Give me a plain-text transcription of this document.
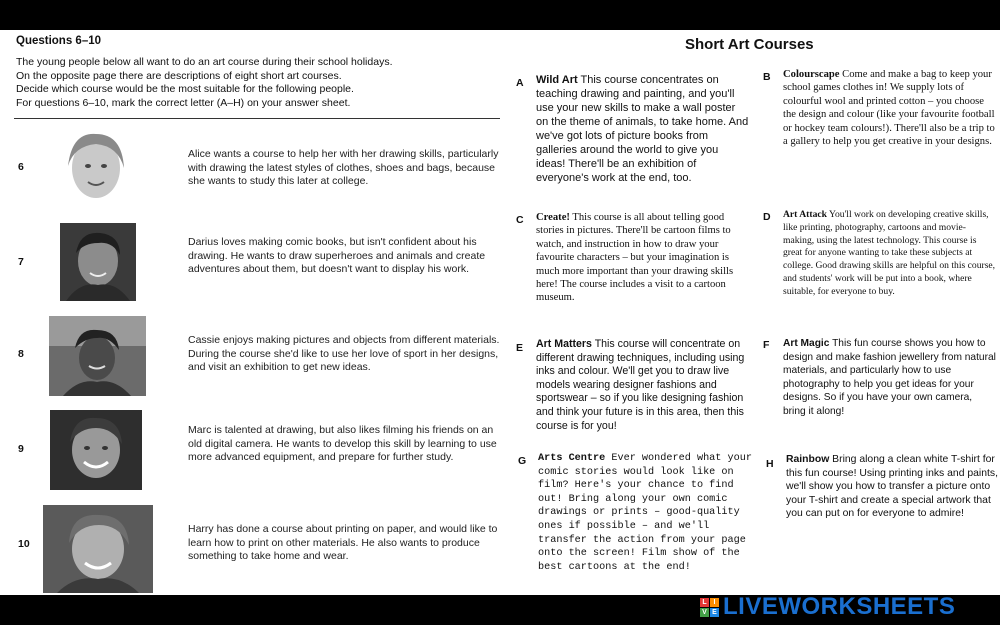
Questions 6–10
The young people below all want to do an art course during their school holidays.
On the opposite page there are descriptions of eight short art courses.
Decide which course would be the most suitable for the following people.
For questions 6–10, mark the correct letter (A–H) on your answer sheet.
6
Alice wants a course to help her with her drawing skills, particularly with drawing the latest styles of clothes, shoes and bags, because she wants to study this later at college.
7
Darius loves making comic books, but isn't confident about his drawing. He wants to draw superheroes and animals and create adventures about them, but doesn't want to display his work.
8
Cassie enjoys making pictures and objects from different materials. During the course she'd like to use her love of sport in her designs, and visit an exhibition to get new ideas.
9
Marc is talented at drawing, but also likes filming his friends on an old digital camera. He wants to develop this skill by learning to use more advanced equipment, and prepare for further study.
10
Harry has done a course about printing on paper, and would like to learn how to print on other materials. He also wants to produce something to take home and wear.
Short Art Courses
A Wild Art This course concentrates on teaching drawing and painting, and you'll use your new skills to make a wall poster on the theme of animals, to take home. And we've got lots of picture books from galleries around the world to give you ideas! There'll be an exhibition of everyone's work at the end, too.
B Colourscape Come and make a bag to keep your school games clothes in! We supply lots of colourful wool and printed cotton – you choose the design and colour (like your favourite football or hockey team colours!). There'll also be a trip to a gallery to help you get creative in your designs.
C Create! This course is all about telling good stories in pictures. There'll be cartoon films to watch, and instruction in how to draw your favourite characters – but your imagination is much more important than your drawing skills here! The course includes a visit to a cartoon museum.
D Art Attack You'll work on developing creative skills, like printing, photography, cartoons and movie-making, using the latest technology. This course is great for anyone wanting to take these subjects at college. Good drawing skills are helpful on this course, and students' work will be put into a book, where suitable, for everyone to buy.
E Art Matters This course will concentrate on different drawing techniques, including using inks and colour. We'll get you to draw live models wearing designer fashions and sportswear – so if you like designing fashion and think your future is in this area, then this course is for you!
F Art Magic This fun course shows you how to design and make fashion jewellery from natural materials, and particularly how to use photography to help you get ideas for your designs. So if you have your own camera, bring it along!
G Arts Centre Ever wondered what your comic stories would look like on film? Here's your chance to find out! Bring along your own comic drawings or prints – good-quality ones if possible – and we'll transfer the action from your page onto the screen! Film show of the best cartoons at the end!
H Rainbow Bring along a clean white T-shirt for this fun course! Using printing inks and paints, we'll show you how to transfer a picture onto your T-shirt and create a special artwork that you can put on for everyone to admire!
L I
V E LIVEWORKSHEETS
